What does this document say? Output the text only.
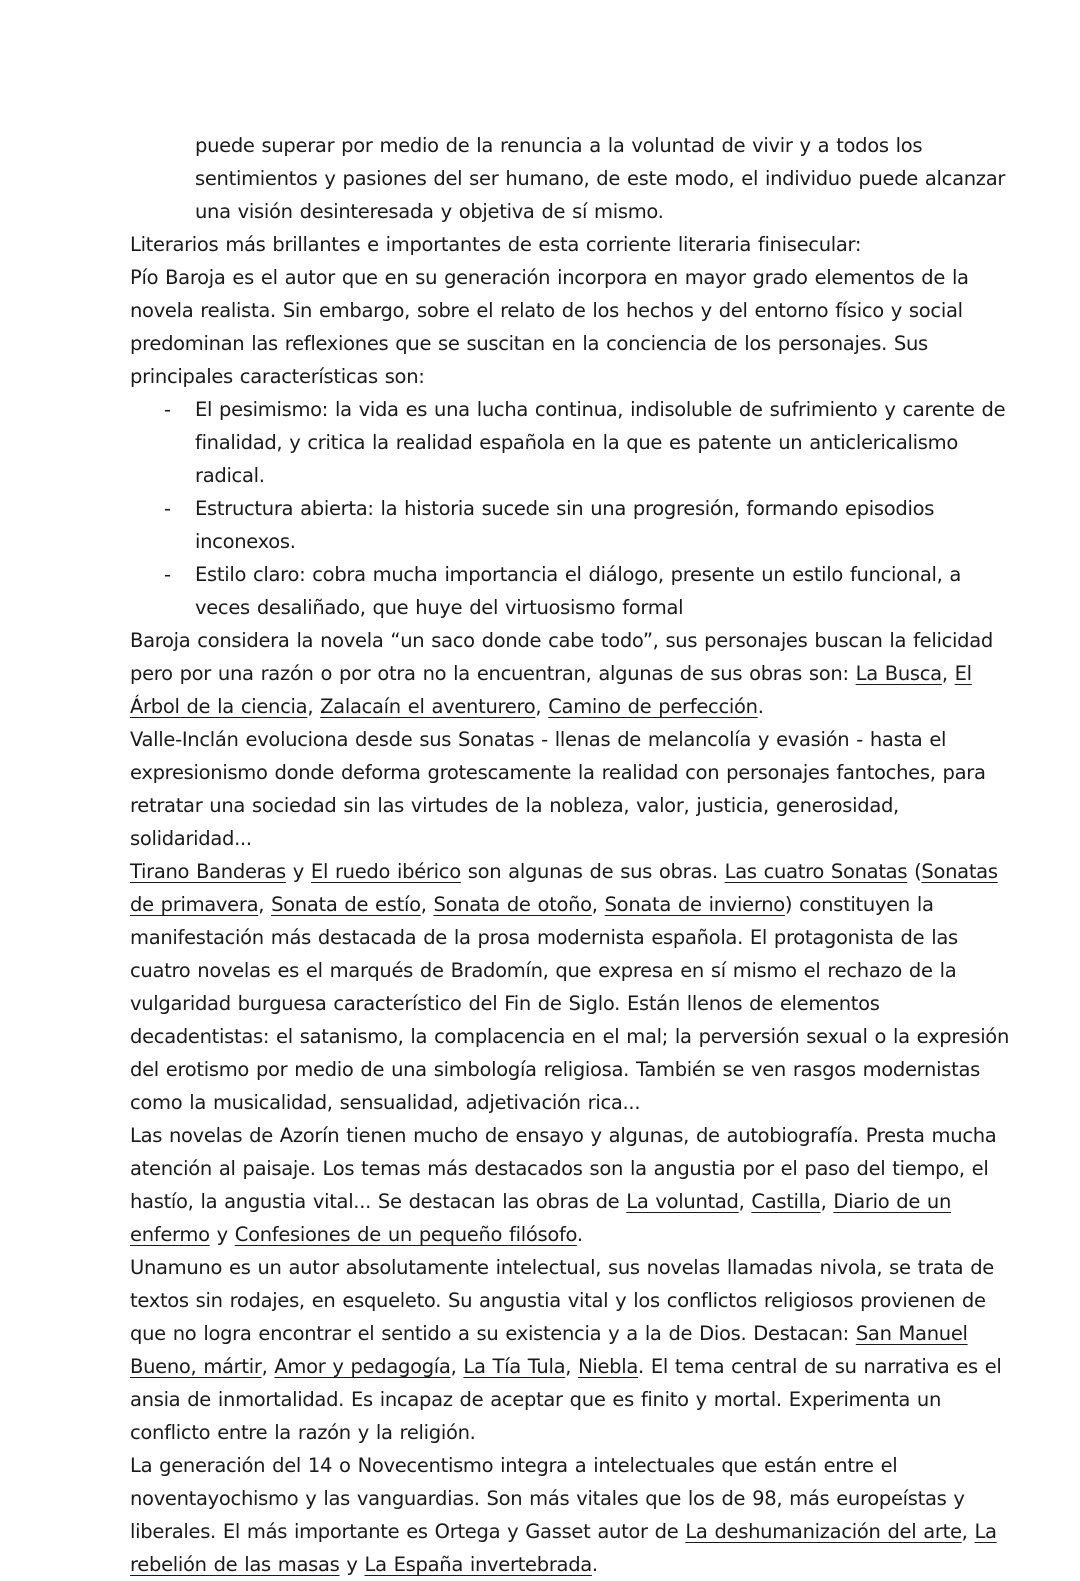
puede superar por medio de la renuncia a la voluntad de vivir y a todos los sentimientos y pasiones del ser humano, de este modo, el individuo puede alcanzar una visión desinteresada y objetiva de sí mismo.

Literarios más brillantes e importantes de esta corriente literaria finisecular:

Pío Baroja es el autor que en su generación incorpora en mayor grado elementos de la novela realista. Sin embargo, sobre el relato de los hechos y del entorno físico y social predominan las reflexiones que se suscitan en la conciencia de los personajes. Sus principales características son:

- El pesimismo: la vida es una lucha continua, indisoluble de sufrimiento y carente de finalidad, y critica la realidad española en la que es patente un anticlericalismo radical.
- Estructura abierta: la historia sucede sin una progresión, formando episodios inconexos.
- Estilo claro: cobra mucha importancia el diálogo, presente un estilo funcional, a veces desaliñado, que huye del virtuosismo formal

Baroja considera la novela “un saco donde cabe todo”, sus personajes buscan la felicidad pero por una razón o por otra no la encuentran, algunas de sus obras son: La Busca, El Árbol de la ciencia, Zalacaín el aventurero, Camino de perfección.

Valle-Inclán evoluciona desde sus Sonatas - llenas de melancolía y evasión - hasta el expresionismo donde deforma grotescamente la realidad con personajes fantoches, para retratar una sociedad sin las virtudes de la nobleza, valor, justicia, generosidad, solidaridad...

Tirano Banderas y El ruedo ibérico son algunas de sus obras. Las cuatro Sonatas (Sonatas de primavera, Sonata de estío, Sonata de otoño, Sonata de invierno) constituyen la manifestación más destacada de la prosa modernista española. El protagonista de las cuatro novelas es el marqués de Bradomín, que expresa en sí mismo el rechazo de la vulgaridad burguesa característico del Fin de Siglo. Están llenos de elementos decadentistas: el satanismo, la complacencia en el mal; la perversión sexual o la expresión del erotismo por medio de una simbología religiosa. También se ven rasgos modernistas como la musicalidad, sensualidad, adjetivación rica...

Las novelas de Azorín tienen mucho de ensayo y algunas, de autobiografía. Presta mucha atención al paisaje. Los temas más destacados son la angustia por el paso del tiempo, el hastío, la angustia vital... Se destacan las obras de La voluntad, Castilla, Diario de un enfermo y Confesiones de un pequeño filósofo.

Unamuno es un autor absolutamente intelectual, sus novelas llamadas nivola, se trata de textos sin rodajes, en esqueleto. Su angustia vital y los conflictos religiosos provienen de que no logra encontrar el sentido a su existencia y a la de Dios. Destacan: San Manuel Bueno, mártir, Amor y pedagogía, La Tía Tula, Niebla. El tema central de su narrativa es el ansia de inmortalidad. Es incapaz de aceptar que es finito y mortal. Experimenta un conflicto entre la razón y la religión.

La generación del 14 o Novecentismo integra a intelectuales que están entre el noventayochismo y las vanguardias. Son más vitales que los de 98, más europeístas y liberales. El más importante es Ortega y Gasset autor de La deshumanización del arte, La rebelión de las masas y La España invertebrada.
